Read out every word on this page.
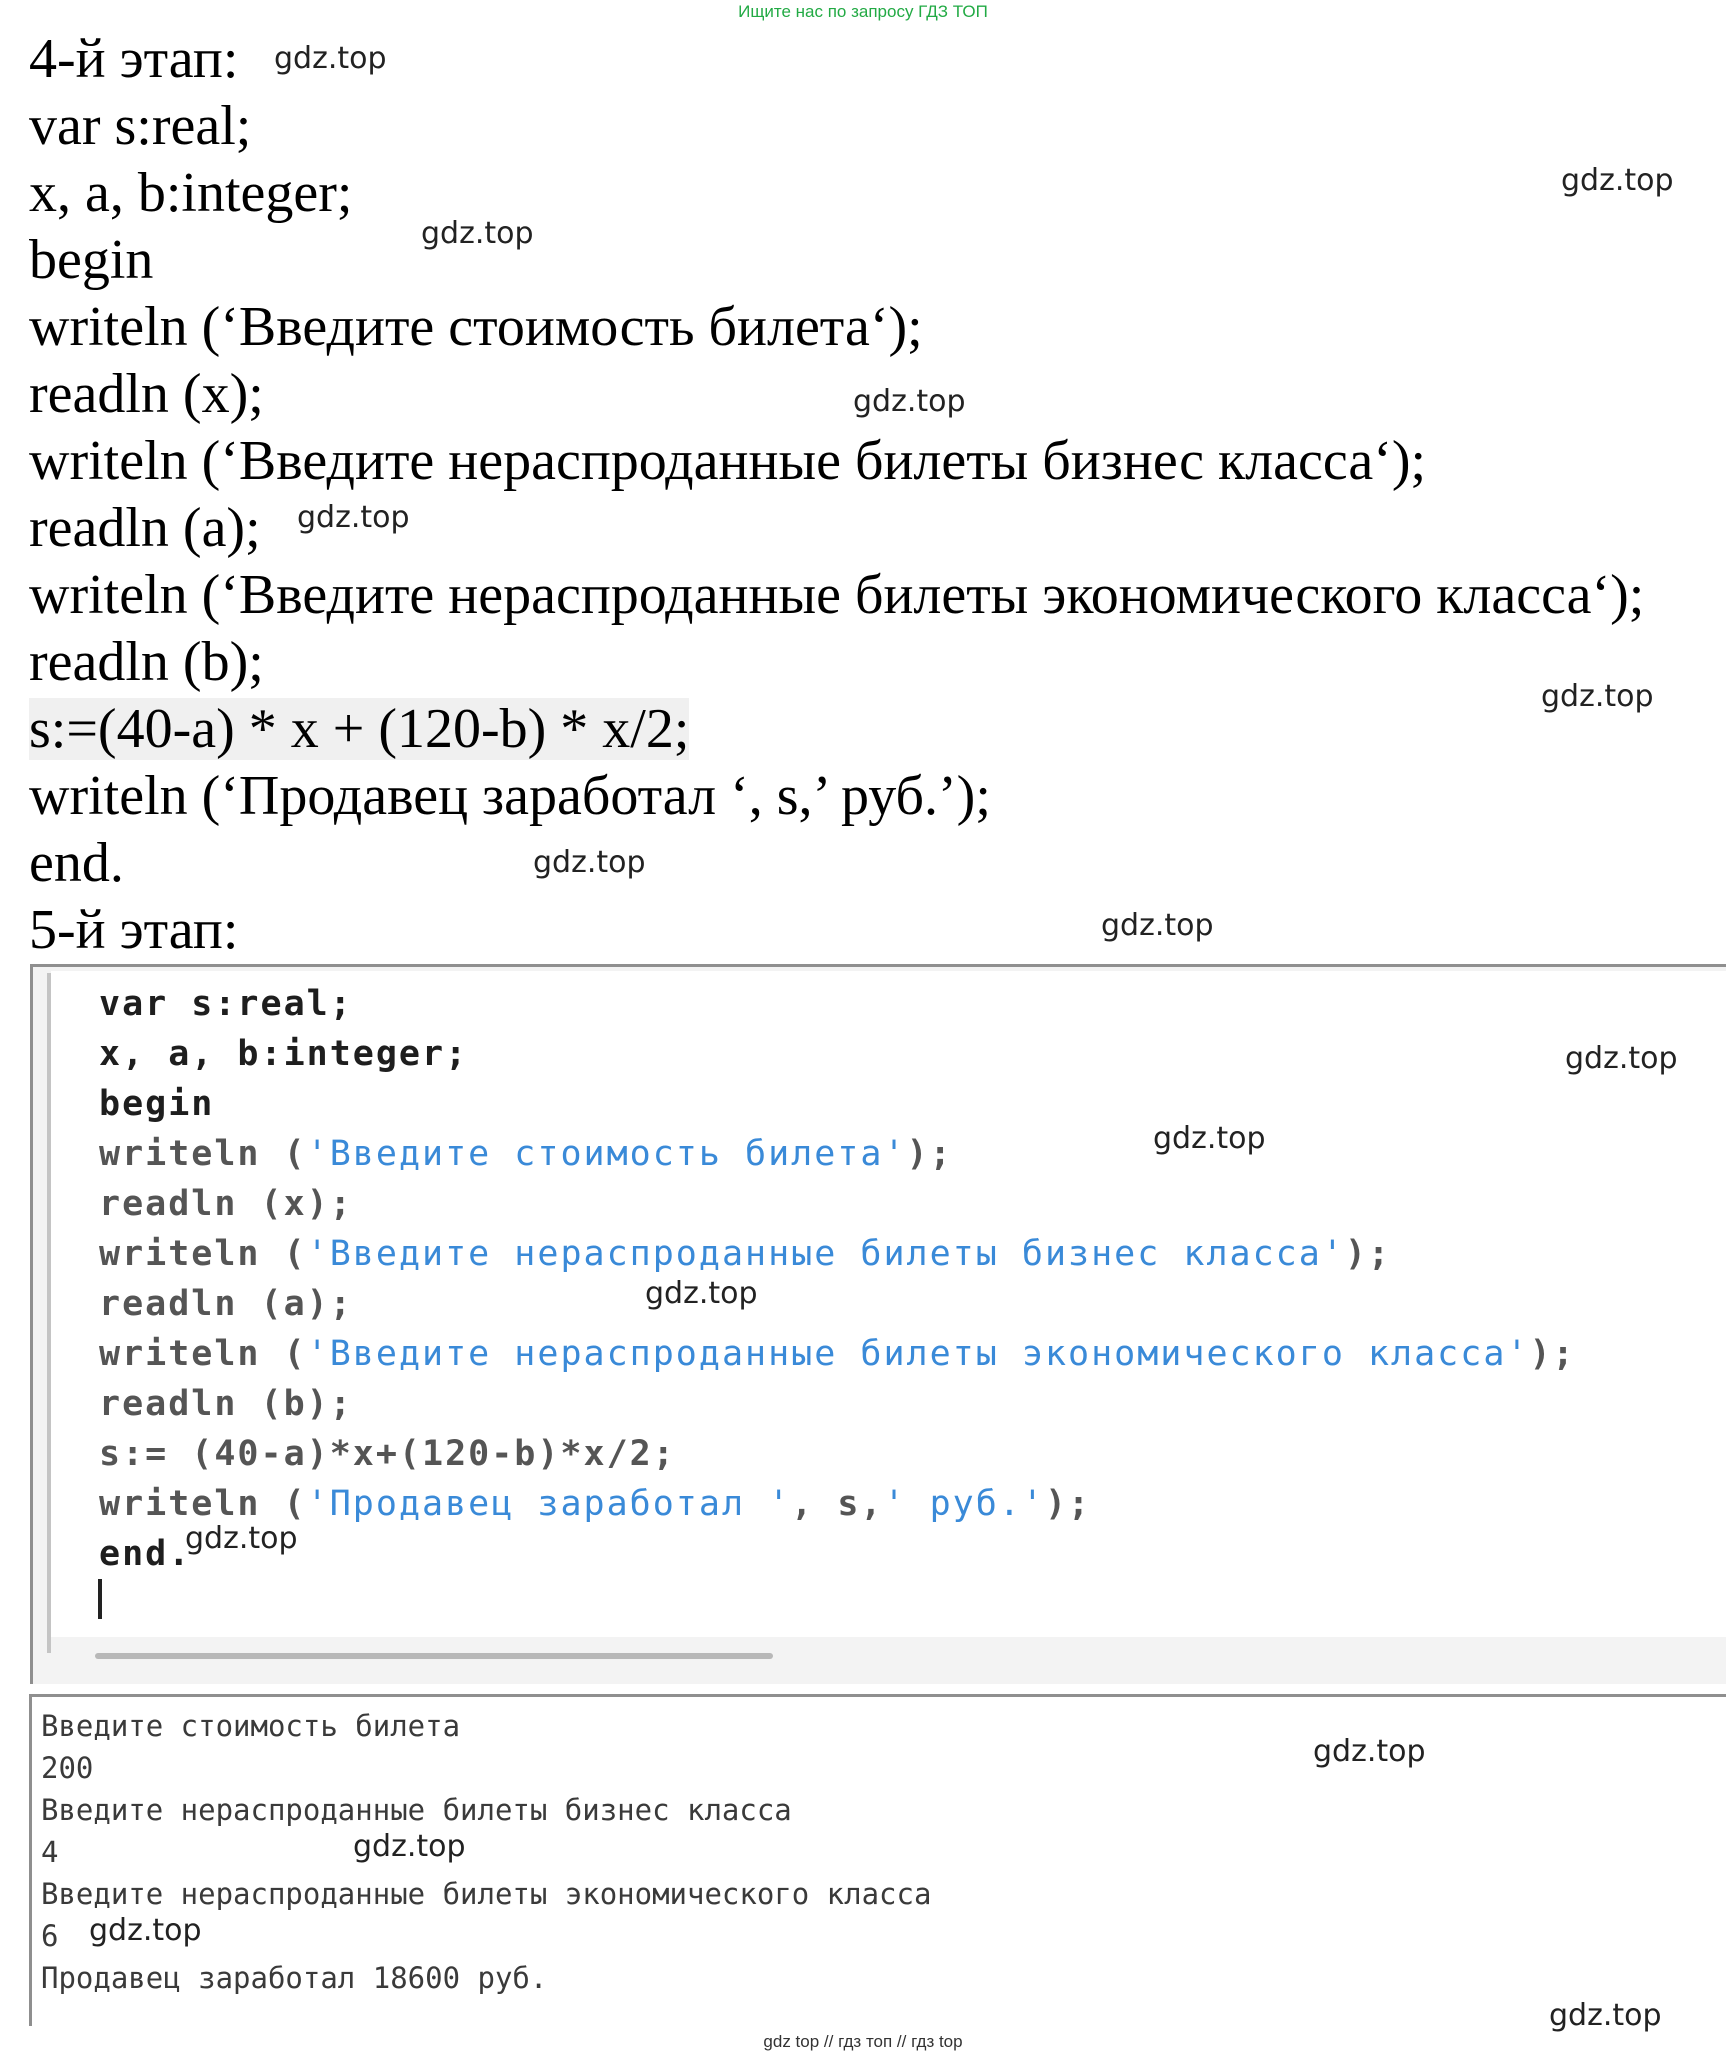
Ищите нас по запросу ГДЗ ТОП
4-й этап:
var s:real;
x, a, b:integer;
begin
writeln (‘Введите стоимость билета‘);
readln (x);
writeln (‘Введите нераспроданные билеты бизнес класса‘);
readln (a);
writeln (‘Введите нераспроданные билеты экономического класса‘);
readln (b);
s:=(40-a) * x + (120-b) * x/2;
writeln (‘Продавец заработал ‘, s,’ руб.’);
end.
5-й этап:
var s:real;
x, a, b:integer;
begin
writeln ('Введите стоимость билета');
readln (x);
writeln ('Введите нераспроданные билеты бизнес класса');
readln (a);
writeln ('Введите нераспроданные билеты экономического класса');
readln (b);
s:= (40-a)*x+(120-b)*x/2;
writeln ('Продавец заработал ', s,' руб.');
end.
Введите стоимость билета
200
Введите нераспроданные билеты бизнес класса
4
Введите нераспроданные билеты экономического класса
6
Продавец заработал 18600 руб.
gdz.top
gdz.top
gdz.top
gdz.top
gdz.top
gdz.top
gdz.top
gdz.top
gdz.top
gdz.top
gdz.top
gdz.top
gdz.top
gdz.top
gdz.top
gdz.top
gdz top // гдз топ // гдз top
